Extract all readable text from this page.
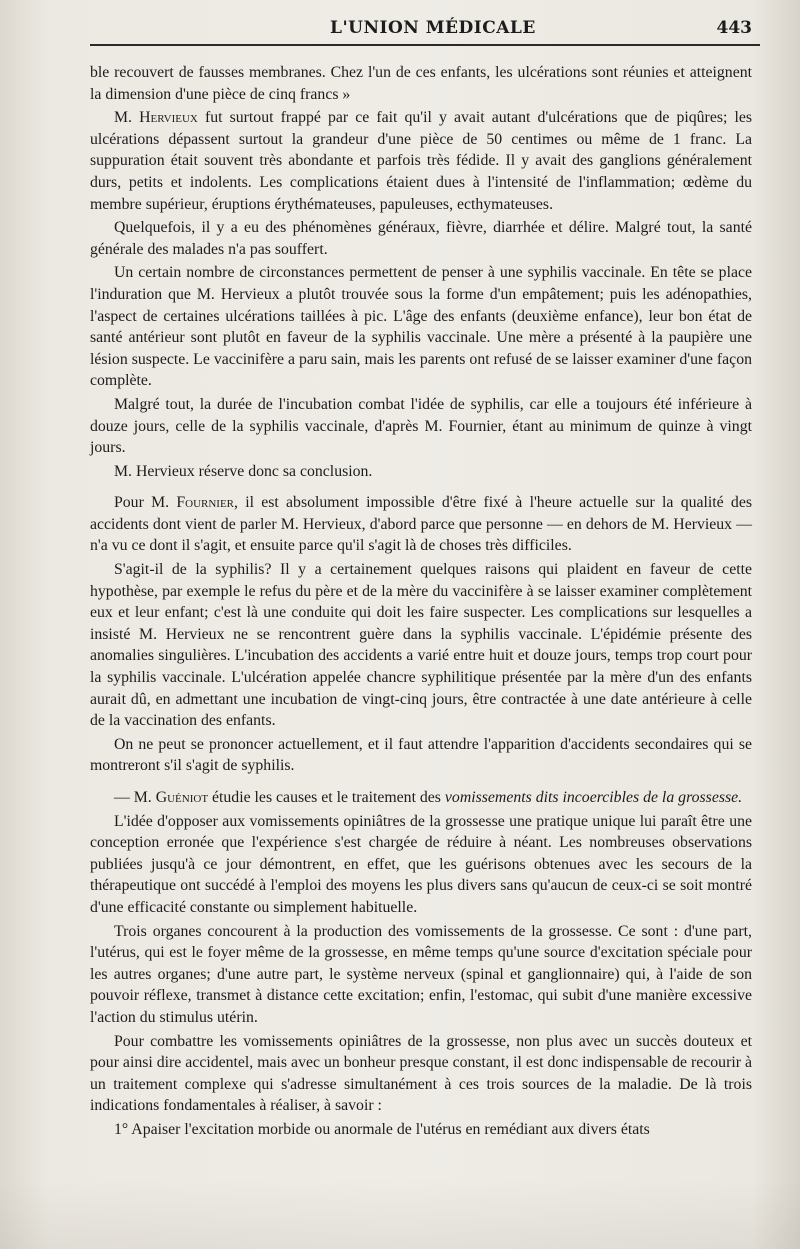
L'UNION MÉDICALE	443

ble recouvert de fausses membranes. Chez l'un de ces enfants, les ulcérations sont réunies et atteignent la dimension d'une pièce de cinq francs »

M. Hervieux fut surtout frappé par ce fait qu'il y avait autant d'ulcérations que de piqûres; les ulcérations dépassent surtout la grandeur d'une pièce de 50 centimes ou même de 1 franc. La suppuration était souvent très abondante et parfois très fédide. Il y avait des ganglions généralement durs, petits et indolents. Les complications étaient dues à l'intensité de l'inflammation; œdème du membre supérieur, éruptions érythémateuses, papuleuses, ecthymateuses.

Quelquefois, il y a eu des phénomènes généraux, fièvre, diarrhée et délire. Malgré tout, la santé générale des malades n'a pas souffert.

Un certain nombre de circonstances permettent de penser à une syphilis vaccinale. En tête se place l'induration que M. Hervieux a plutôt trouvée sous la forme d'un empâtement; puis les adénopathies, l'aspect de certaines ulcérations taillées à pic. L'âge des enfants (deuxième enfance), leur bon état de santé antérieur sont plutôt en faveur de la syphilis vaccinale. Une mère a présenté à la paupière une lésion suspecte. Le vaccinifère a paru sain, mais les parents ont refusé de se laisser examiner d'une façon complète.

Malgré tout, la durée de l'incubation combat l'idée de syphilis, car elle a toujours été inférieure à douze jours, celle de la syphilis vaccinale, d'après M. Fournier, étant au minimum de quinze à vingt jours.

M. Hervieux réserve donc sa conclusion.

Pour M. Fournier, il est absolument impossible d'être fixé à l'heure actuelle sur la qualité des accidents dont vient de parler M. Hervieux, d'abord parce que personne — en dehors de M. Hervieux — n'a vu ce dont il s'agit, et ensuite parce qu'il s'agit là de choses très difficiles.

S'agit-il de la syphilis? Il y a certainement quelques raisons qui plaident en faveur de cette hypothèse, par exemple le refus du père et de la mère du vaccinifère à se laisser examiner complètement eux et leur enfant; c'est là une conduite qui doit les faire suspecter. Les complications sur lesquelles a insisté M. Hervieux ne se rencontrent guère dans la syphilis vaccinale. L'épidémie présente des anomalies singulières. L'incubation des accidents a varié entre huit et douze jours, temps trop court pour la syphilis vaccinale. L'ulcération appelée chancre syphilitique présentée par la mère d'un des enfants aurait dû, en admettant une incubation de vingt-cinq jours, être contractée à une date antérieure à celle de la vaccination des enfants.

On ne peut se prononcer actuellement, et il faut attendre l'apparition d'accidents secondaires qui se montreront s'il s'agit de syphilis.

— M. Guéniot étudie les causes et le traitement des vomissements dits incoercibles de la grossesse.

L'idée d'opposer aux vomissements opiniâtres de la grossesse une pratique unique lui paraît être une conception erronée que l'expérience s'est chargée de réduire à néant. Les nombreuses observations publiées jusqu'à ce jour démontrent, en effet, que les guérisons obtenues avec les secours de la thérapeutique ont succédé à l'emploi des moyens les plus divers sans qu'aucun de ceux-ci se soit montré d'une efficacité constante ou simplement habituelle.

Trois organes concourent à la production des vomissements de la grossesse. Ce sont : d'une part, l'utérus, qui est le foyer même de la grossesse, en même temps qu'une source d'excitation spéciale pour les autres organes; d'une autre part, le système nerveux (spinal et ganglionnaire) qui, à l'aide de son pouvoir réflexe, transmet à distance cette excitation; enfin, l'estomac, qui subit d'une manière excessive l'action du stimulus utérin.

Pour combattre les vomissements opiniâtres de la grossesse, non plus avec un succès douteux et pour ainsi dire accidentel, mais avec un bonheur presque constant, il est donc indispensable de recourir à un traitement complexe qui s'adresse simultanément à ces trois sources de la maladie. De là trois indications fondamentales à réaliser, à savoir :

1° Apaiser l'excitation morbide ou anormale de l'utérus en remédiant aux divers états
